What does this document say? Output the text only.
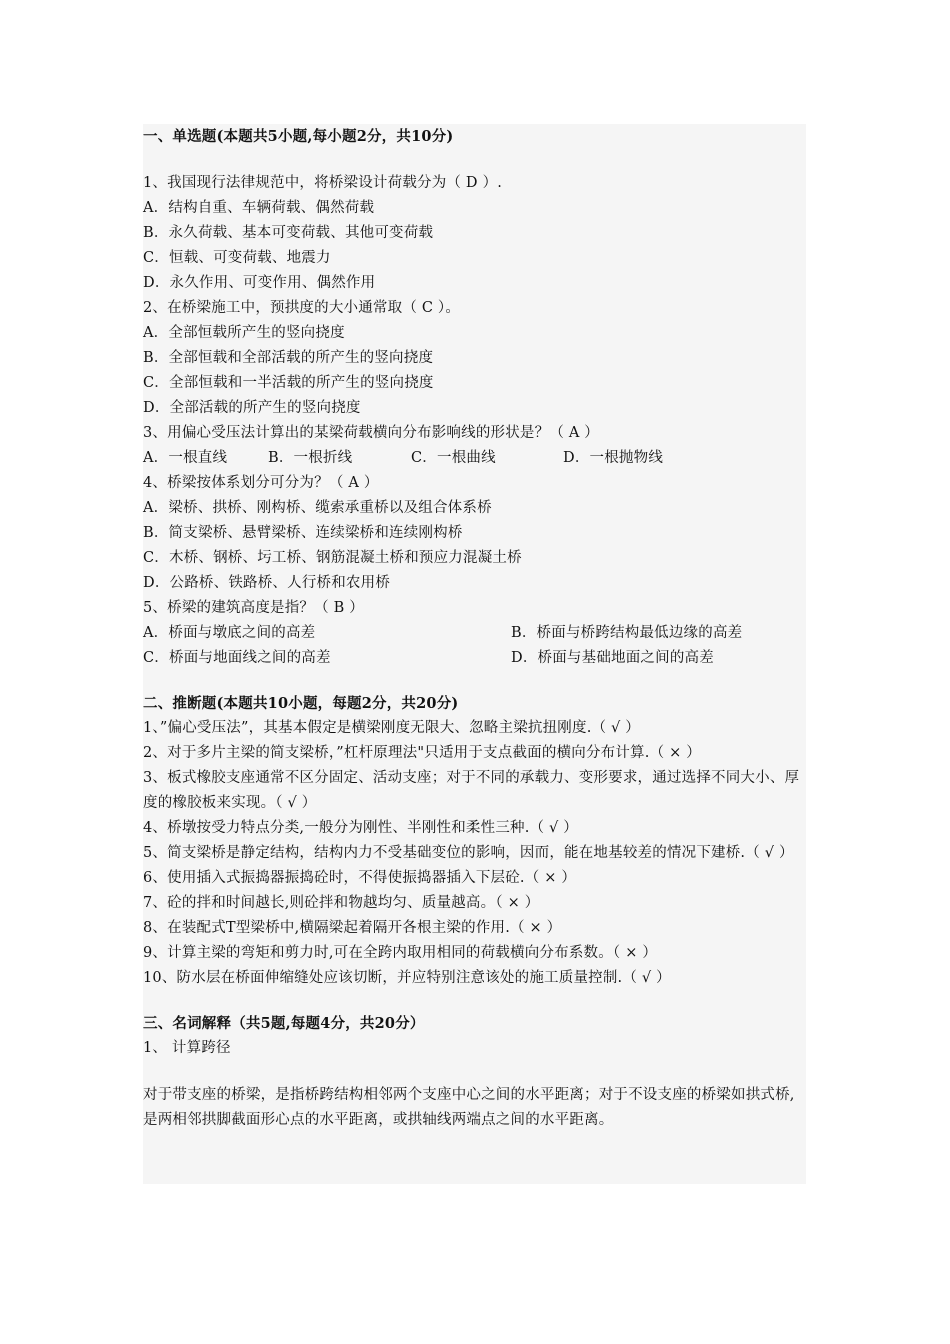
一、单选题(本题共5小题,每小题2分，共10分)
1、我国现行法律规范中，将桥梁设计荷载分为（ D ）.
A．结构自重、车辆荷载、偶然荷载
B．永久荷载、基本可变荷载、其他可变荷载
C．恒载、可变荷载、地震力
D．永久作用、可变作用、偶然作用
2、在桥梁施工中，预拱度的大小通常取（ C ）。
A．全部恒载所产生的竖向挠度
B．全部恒载和全部活载的所产生的竖向挠度
C．全部恒载和一半活载的所产生的竖向挠度
D．全部活载的所产生的竖向挠度
3、用偏心受压法计算出的某梁荷载横向分布影响线的形状是？（ A ）
A．一根直线	B．一根折线	C．一根曲线	D．一根抛物线
4、桥梁按体系划分可分为？（ A ）
A．梁桥、拱桥、刚构桥、缆索承重桥以及组合体系桥
B．简支梁桥、悬臂梁桥、连续梁桥和连续刚构桥
C．木桥、钢桥、圬工桥、钢筋混凝土桥和预应力混凝土桥
D．公路桥、铁路桥、人行桥和农用桥
5、桥梁的建筑高度是指？（ B ）
A．桥面与墩底之间的高差	B．桥面与桥跨结构最低边缘的高差
C．桥面与地面线之间的高差	D．桥面与基础地面之间的高差
二、推断题(本题共10小题，每题2分，共20分)
1、”偏心受压法”，其基本假定是横梁刚度无限大、忽略主梁抗扭刚度.（ √ ）
2、对于多片主梁的简支梁桥，”杠杆原理法"只适用于支点截面的横向分布计算.（ × ）
3、板式橡胶支座通常不区分固定、活动支座；对于不同的承载力、变形要求，通过选择不同大小、厚度的橡胶板来实现。（ √ ）
4、桥墩按受力特点分类,一般分为刚性、半刚性和柔性三种.（ √ ）
5、简支梁桥是静定结构，结构内力不受基础变位的影响，因而，能在地基较差的情况下建桥.（ √ ）
6、使用插入式振捣器振捣砼时，不得使振捣器插入下层砼.（ × ）
7、砼的拌和时间越长,则砼拌和物越均匀、质量越高。（ × ）
8、在装配式T型梁桥中,横隔梁起着隔开各根主梁的作用.（ × ）
9、计算主梁的弯矩和剪力时,可在全跨内取用相同的荷载横向分布系数。（ × ）
10、防水层在桥面伸缩缝处应该切断，并应特别注意该处的施工质量控制.（ √ ）
三、名词解释（共5题,每题4分，共20分）
1、 计算跨径
对于带支座的桥梁，是指桥跨结构相邻两个支座中心之间的水平距离；对于不设支座的桥梁如拱式桥,是两相邻拱脚截面形心点的水平距离，或拱轴线两端点之间的水平距离。
